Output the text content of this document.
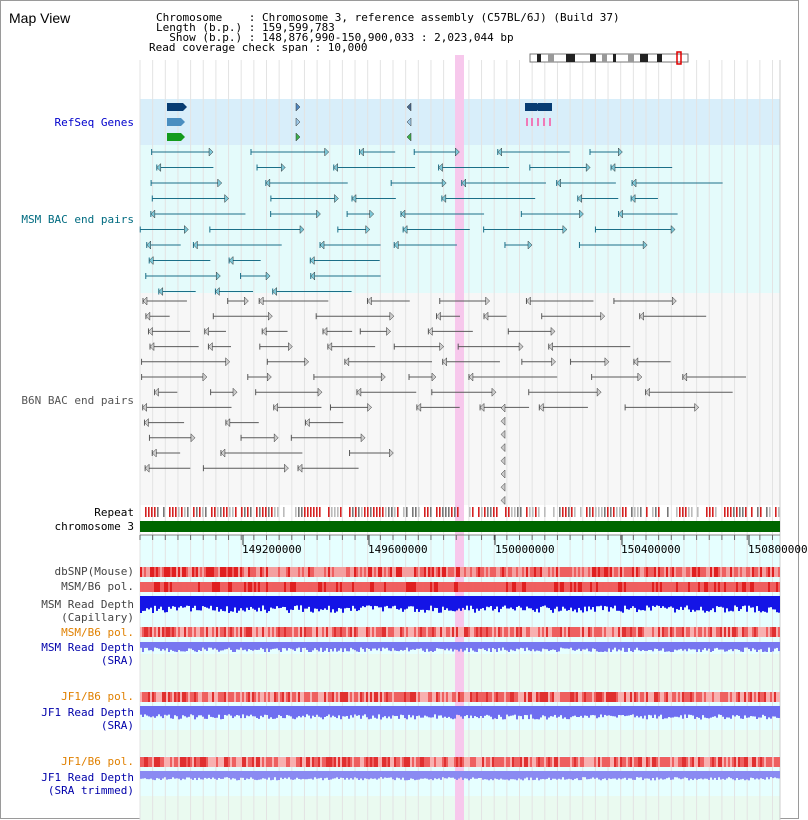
Map View	Chromosome    : Chromosome 3, reference assembly (C57BL/6J) (Build 37)
Length (b.p.) : 159,599,783
Show (b.p.) : 148,876,990-150,900,033 : 2,023,044 bp
Read coverage check span : 10,000
RefSeq Genes
MSM BAC end pairs
B6N BAC end pairs
Repeat
chromosome 3
dbSNP(Mouse)
MSM/B6 pol.
MSM Read Depth
(Capillary)
MSM/B6 pol.
MSM Read Depth
(SRA)
JF1/B6 pol.
JF1 Read Depth
(SRA)
JF1/B6 pol.
JF1 Read Depth
(SRA trimmed)
149200000	149600000	150000000	150400000	150800000
